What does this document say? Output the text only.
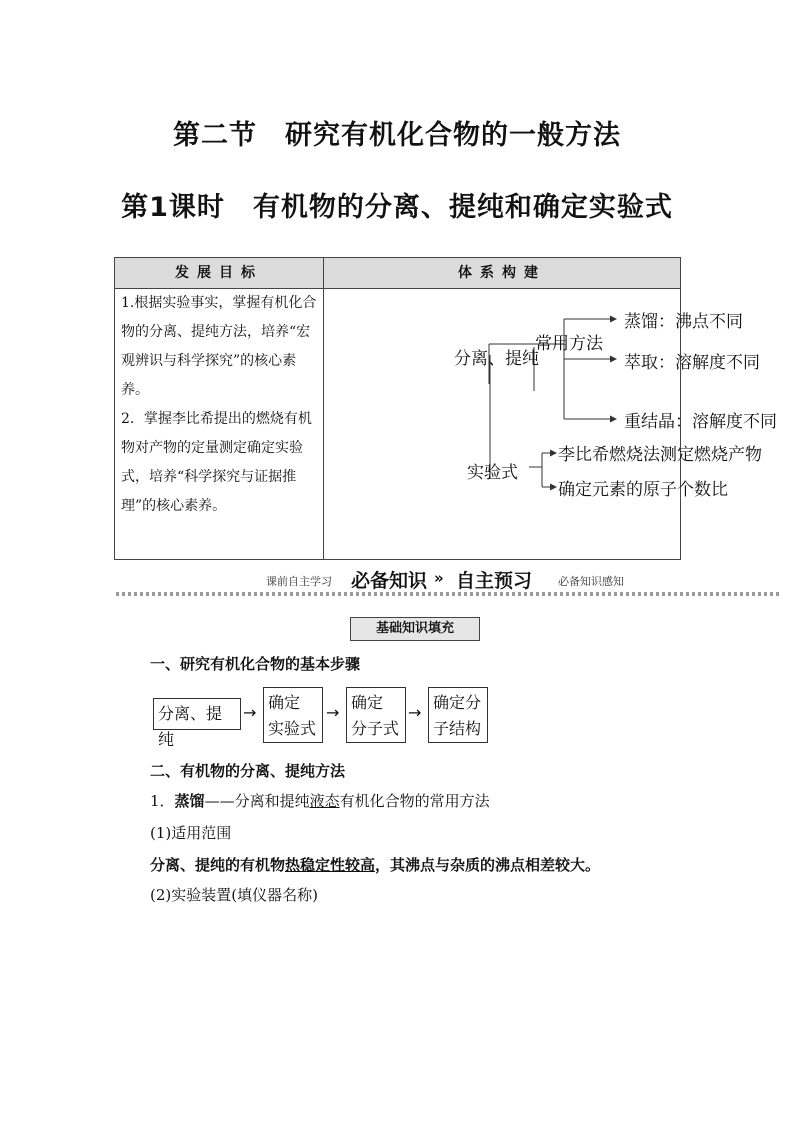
第二节　研究有机化合物的一般方法
第1课时　有机物的分离、提纯和确定实验式
发展目标	体系构建

1.根据实验事实，掌握有机化合物的分离、提纯方法，培养“宏观辨识与科学探究”的核心素养。

2．掌握李比希提出的燃烧有机物对产物的定量测定确定实验式，培养“科学探究与证据推理”的核心素养。

分离、提纯
常用方法
蒸馏：沸点不同
萃取：溶解度不同
重结晶：溶解度不同
实验式
李比希燃烧法测定燃烧产物
确定元素的原子个数比
课前自主学习 必备知识 » 自主预习 必备知识感知
基础知识填充
一、研究有机化合物的基本步骤
分离、提纯
→
确定
实验式
→
确定
分子式
→
确定分
子结构
二、有机物的分离、提纯方法
1．蒸馏——分离和提纯液态有机化合物的常用方法
(1)适用范围
分离、提纯的有机物热稳定性较高，其沸点与杂质的沸点相差较大。
(2)实验装置(填仪器名称)
